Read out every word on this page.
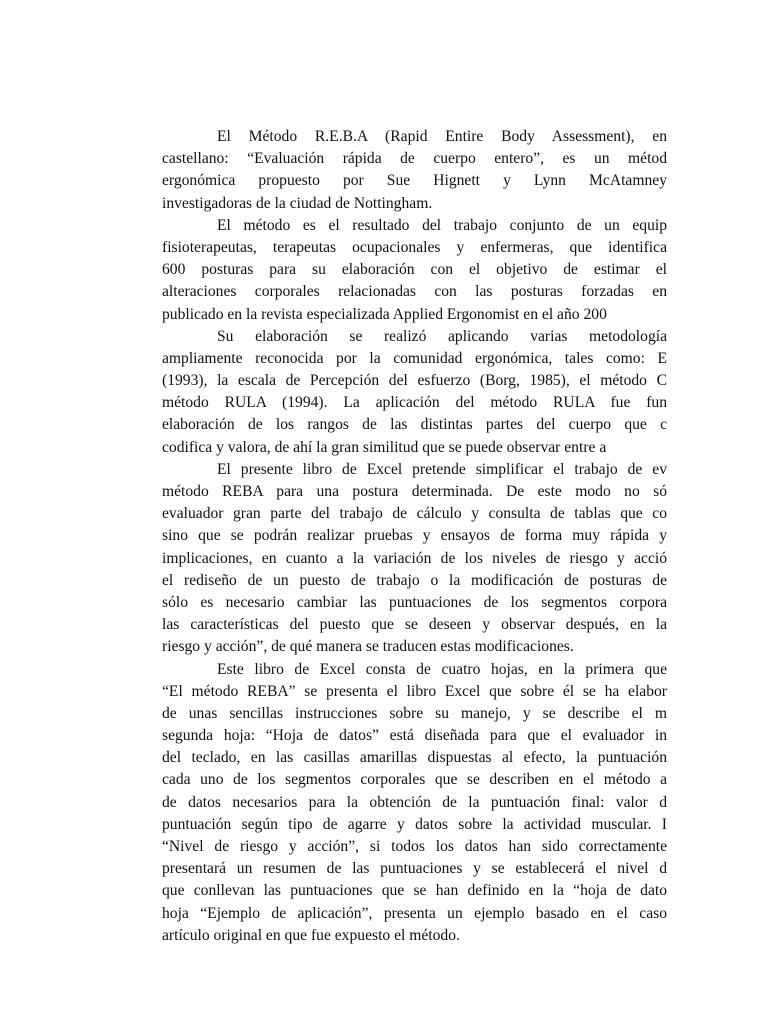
El Método R.E.B.A (Rapid Entire Body Assessment), en
castellano: “Evaluación rápida de cuerpo entero”, es un métod
ergonómica propuesto por Sue Hignett y Lynn McAtamney
investigadoras de la ciudad de Nottingham.
El método es el resultado del trabajo conjunto de un equip
fisioterapeutas, terapeutas ocupacionales y enfermeras, que identifica
600 posturas para su elaboración con el objetivo de estimar el
alteraciones corporales relacionadas con las posturas forzadas en
publicado en la revista especializada Applied Ergonomist en el año 200
Su elaboración se realizó aplicando varias metodología
ampliamente reconocida por la comunidad ergonómica, tales como: E
(1993), la escala de Percepción del esfuerzo (Borg, 1985), el método C
método RULA (1994). La aplicación del método RULA fue fun
elaboración de los rangos de las distintas partes del cuerpo que c
codifica y valora, de ahí la gran similitud que se puede observar entre a
El presente libro de Excel pretende simplificar el trabajo de ev
método REBA para una postura determinada. De este modo no só
evaluador gran parte del trabajo de cálculo y consulta de tablas que co
sino que se podrán realizar pruebas y ensayos de forma muy rápida y
implicaciones, en cuanto a la variación de los niveles de riesgo y acció
el rediseño de un puesto de trabajo o la modificación de posturas de
sólo es necesario cambiar las puntuaciones de los segmentos corpora
las características del puesto que se deseen y observar después, en la
riesgo y acción”, de qué manera se traducen estas modificaciones.
Este libro de Excel consta de cuatro hojas, en la primera que
“El método REBA” se presenta el libro Excel que sobre él se ha elabor
de unas sencillas instrucciones sobre su manejo, y se describe el m
segunda hoja: “Hoja de datos” está diseñada para que el evaluador in
del teclado, en las casillas amarillas dispuestas al efecto, la puntuación
cada uno de los segmentos corporales que se describen en el método a
de datos necesarios para la obtención de la puntuación final: valor d
puntuación según tipo de agarre y datos sobre la actividad muscular. I
“Nivel de riesgo y acción”, si todos los datos han sido correctamente
presentará un resumen de las puntuaciones y se establecerá el nivel d
que conllevan las puntuaciones que se han definido en la “hoja de dato
hoja “Ejemplo de aplicación”, presenta un ejemplo basado en el caso
artículo original en que fue expuesto el método.
